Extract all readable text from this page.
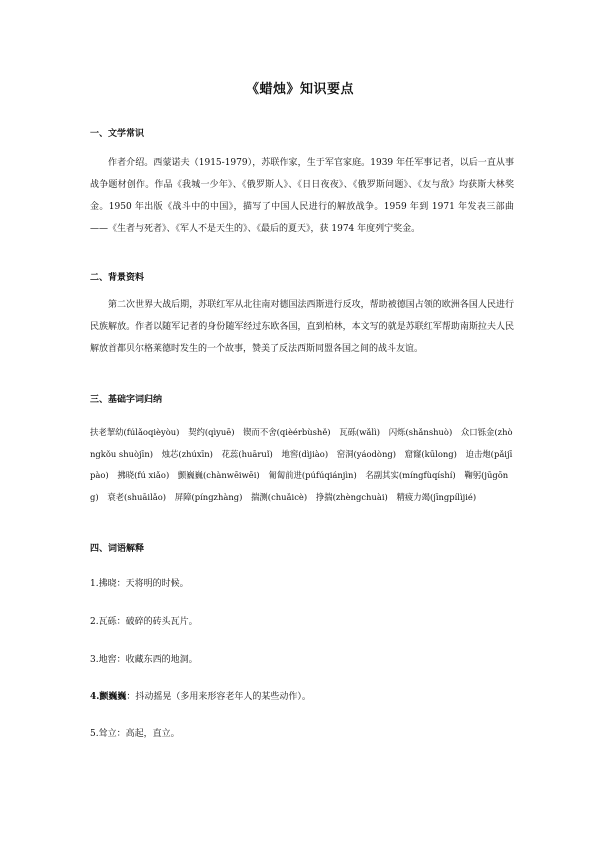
《蜡烛》知识要点
一、文学常识

作者介绍。西蒙诺夫（1915-1979），苏联作家，生于军官家庭。1939 年任军事记者，以后一直从事战争题材创作。作品《我城一少年》、《俄罗斯人》、《日日夜夜》、《俄罗斯问题》、《友与敌》均获斯大林奖金。1950 年出版《战斗中的中国》，描写了中国人民进行的解放战争。1959 年到 1971 年发表三部曲——《生者与死者》、《军人不是天生的》、《最后的夏天》，获 1974 年度列宁奖金。

二、背景资料

第二次世界大战后期，苏联红军从北往南对德国法西斯进行反攻，帮助被德国占领的欧洲各国人民进行民族解放。作者以随军记者的身份随军经过东欧各国，直到柏林，本文写的就是苏联红军帮助南斯拉夫人民解放首都贝尔格莱德时发生的一个故事，赞美了反法西斯同盟各国之间的战斗友谊。

三、基础字词归纳

扶老挈幼(fúlǎoqièyòu) 契约(qìyuē) 锲而不舍(qièérbùshě) 瓦砾(wǎlì) 闪烁(shǎnshuò) 众口铄金(zhòngkǒu shuòjīn) 烛芯(zhúxīn) 花蕊(huāruǐ) 地窖(dìjiào) 窑洞(yáodòng) 窟窿(kūlong) 迫击炮(pǎijīpào) 拂晓(fú xiǎo) 颤巍巍(chànwēiwēi) 匍匐前进(púfúqiánjìn) 名副其实(míngfùqíshí) 鞠躬(jūgōng) 衰老(shuāilǎo) 屏障(píngzhàng) 揣测(chuǎicè) 挣揣(zhèngchuài) 精疲力竭(jīngpílìjié)

四、词语解释
1.拂晓：天将明的时候。
2.瓦砾：破碎的砖头瓦片。
3.地窖：收藏东西的地洞。
4.颤巍巍：抖动摇晃（多用来形容老年人的某些动作）。
5.耸立：高起，直立。
